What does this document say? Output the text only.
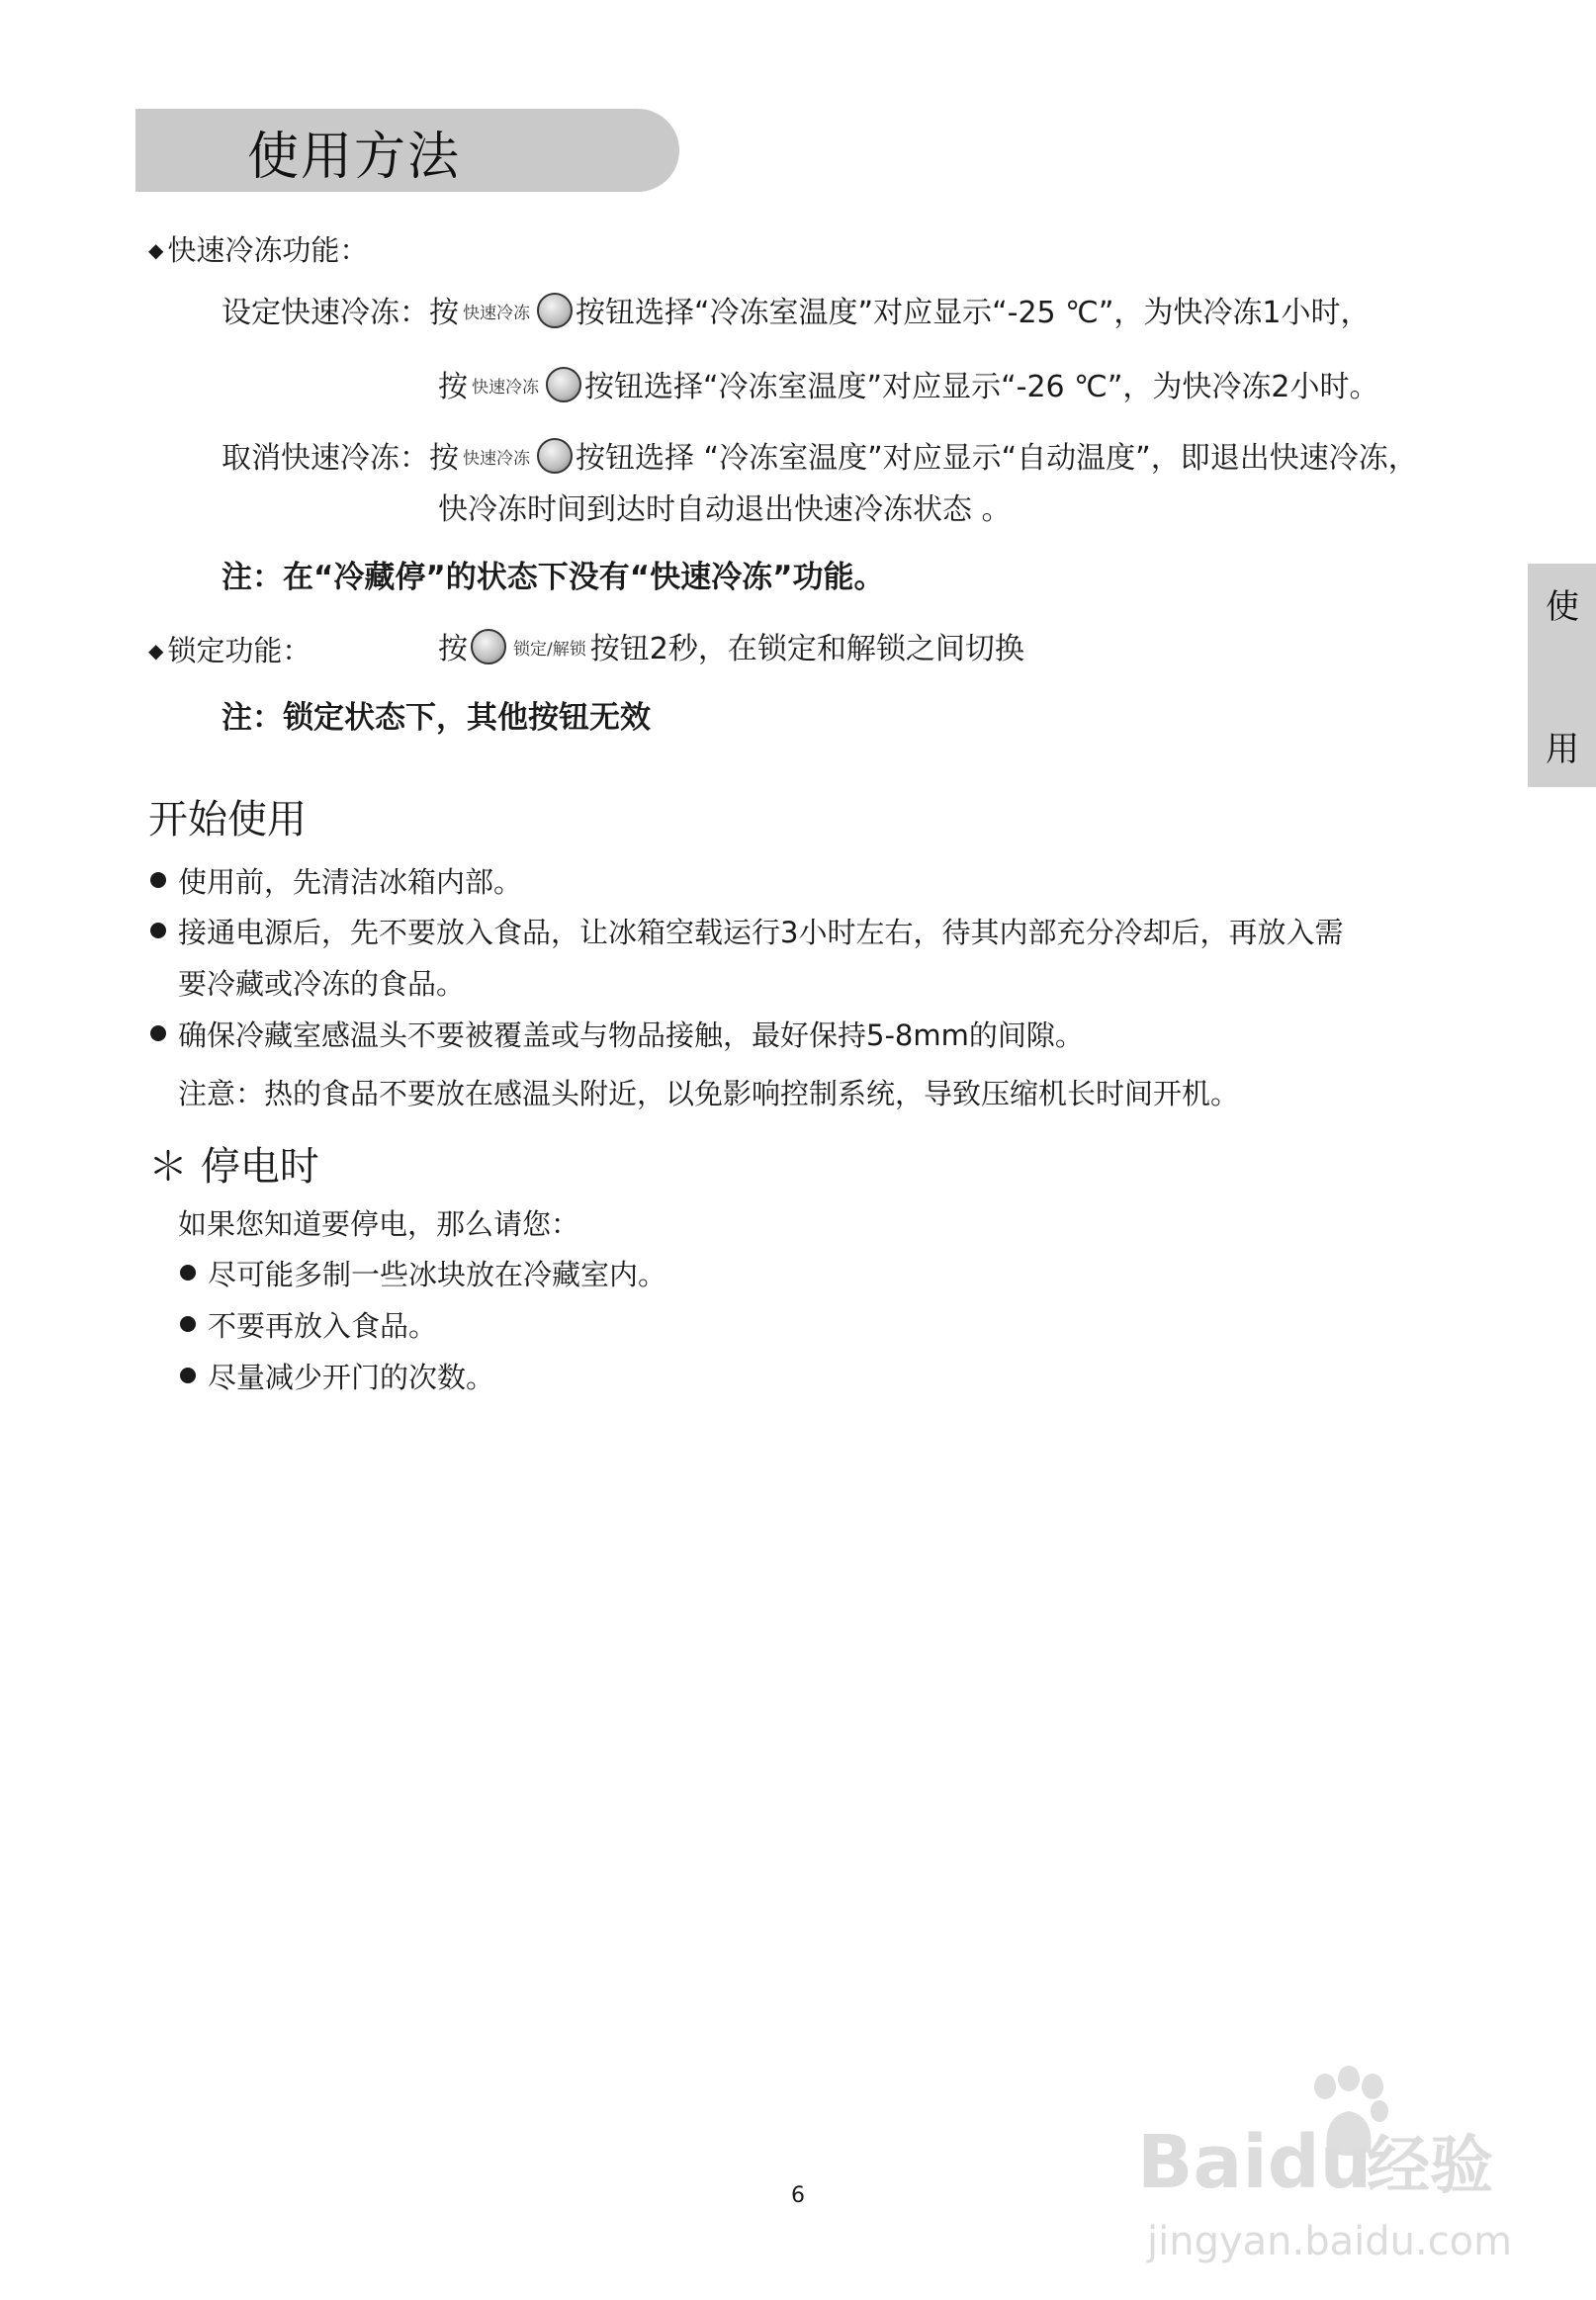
使用方法
使
用
◆ 快速冷冻功能：
设定快速冷冻：按 快速冷冻 按钮选择“冷冻室温度”对应显示“-25 ℃”，为快冷冻1小时，
按快速冷冻 按钮选择“冷冻室温度”对应显示“-26 ℃”，为快冷冻2小时。
取消快速冷冻：按 快速冷冻 按钮选择 “冷冻室温度”对应显示“自动温度”，即退出快速冷冻，
快冷冻时间到达时自动退出快速冷冻状态 。
注：在“冷藏停”的状态下没有“快速冷冻”功能。
◆ 锁定功能：	按	锁定/解锁 按钮2秒，在锁定和解锁之间切换
注：锁定状态下，其他按钮无效
开始使用
使用前，先清洁冰箱内部。
接通电源后，先不要放入食品，让冰箱空载运行3小时左右，待其内部充分冷却后，再放入需
要冷藏或冷冻的食品。
确保冷藏室感温头不要被覆盖或与物品接触，最好保持5-8mm的间隙。
注意：热的食品不要放在感温头附近，以免影响控制系统，导致压缩机长时间开机。
＊ 停电时
如果您知道要停电，那么请您：
尽可能多制一些冰块放在冷藏室内。
不要再放入食品。
尽量减少开门的次数。
Baidu
经验
jingyan.baidu.com
6
